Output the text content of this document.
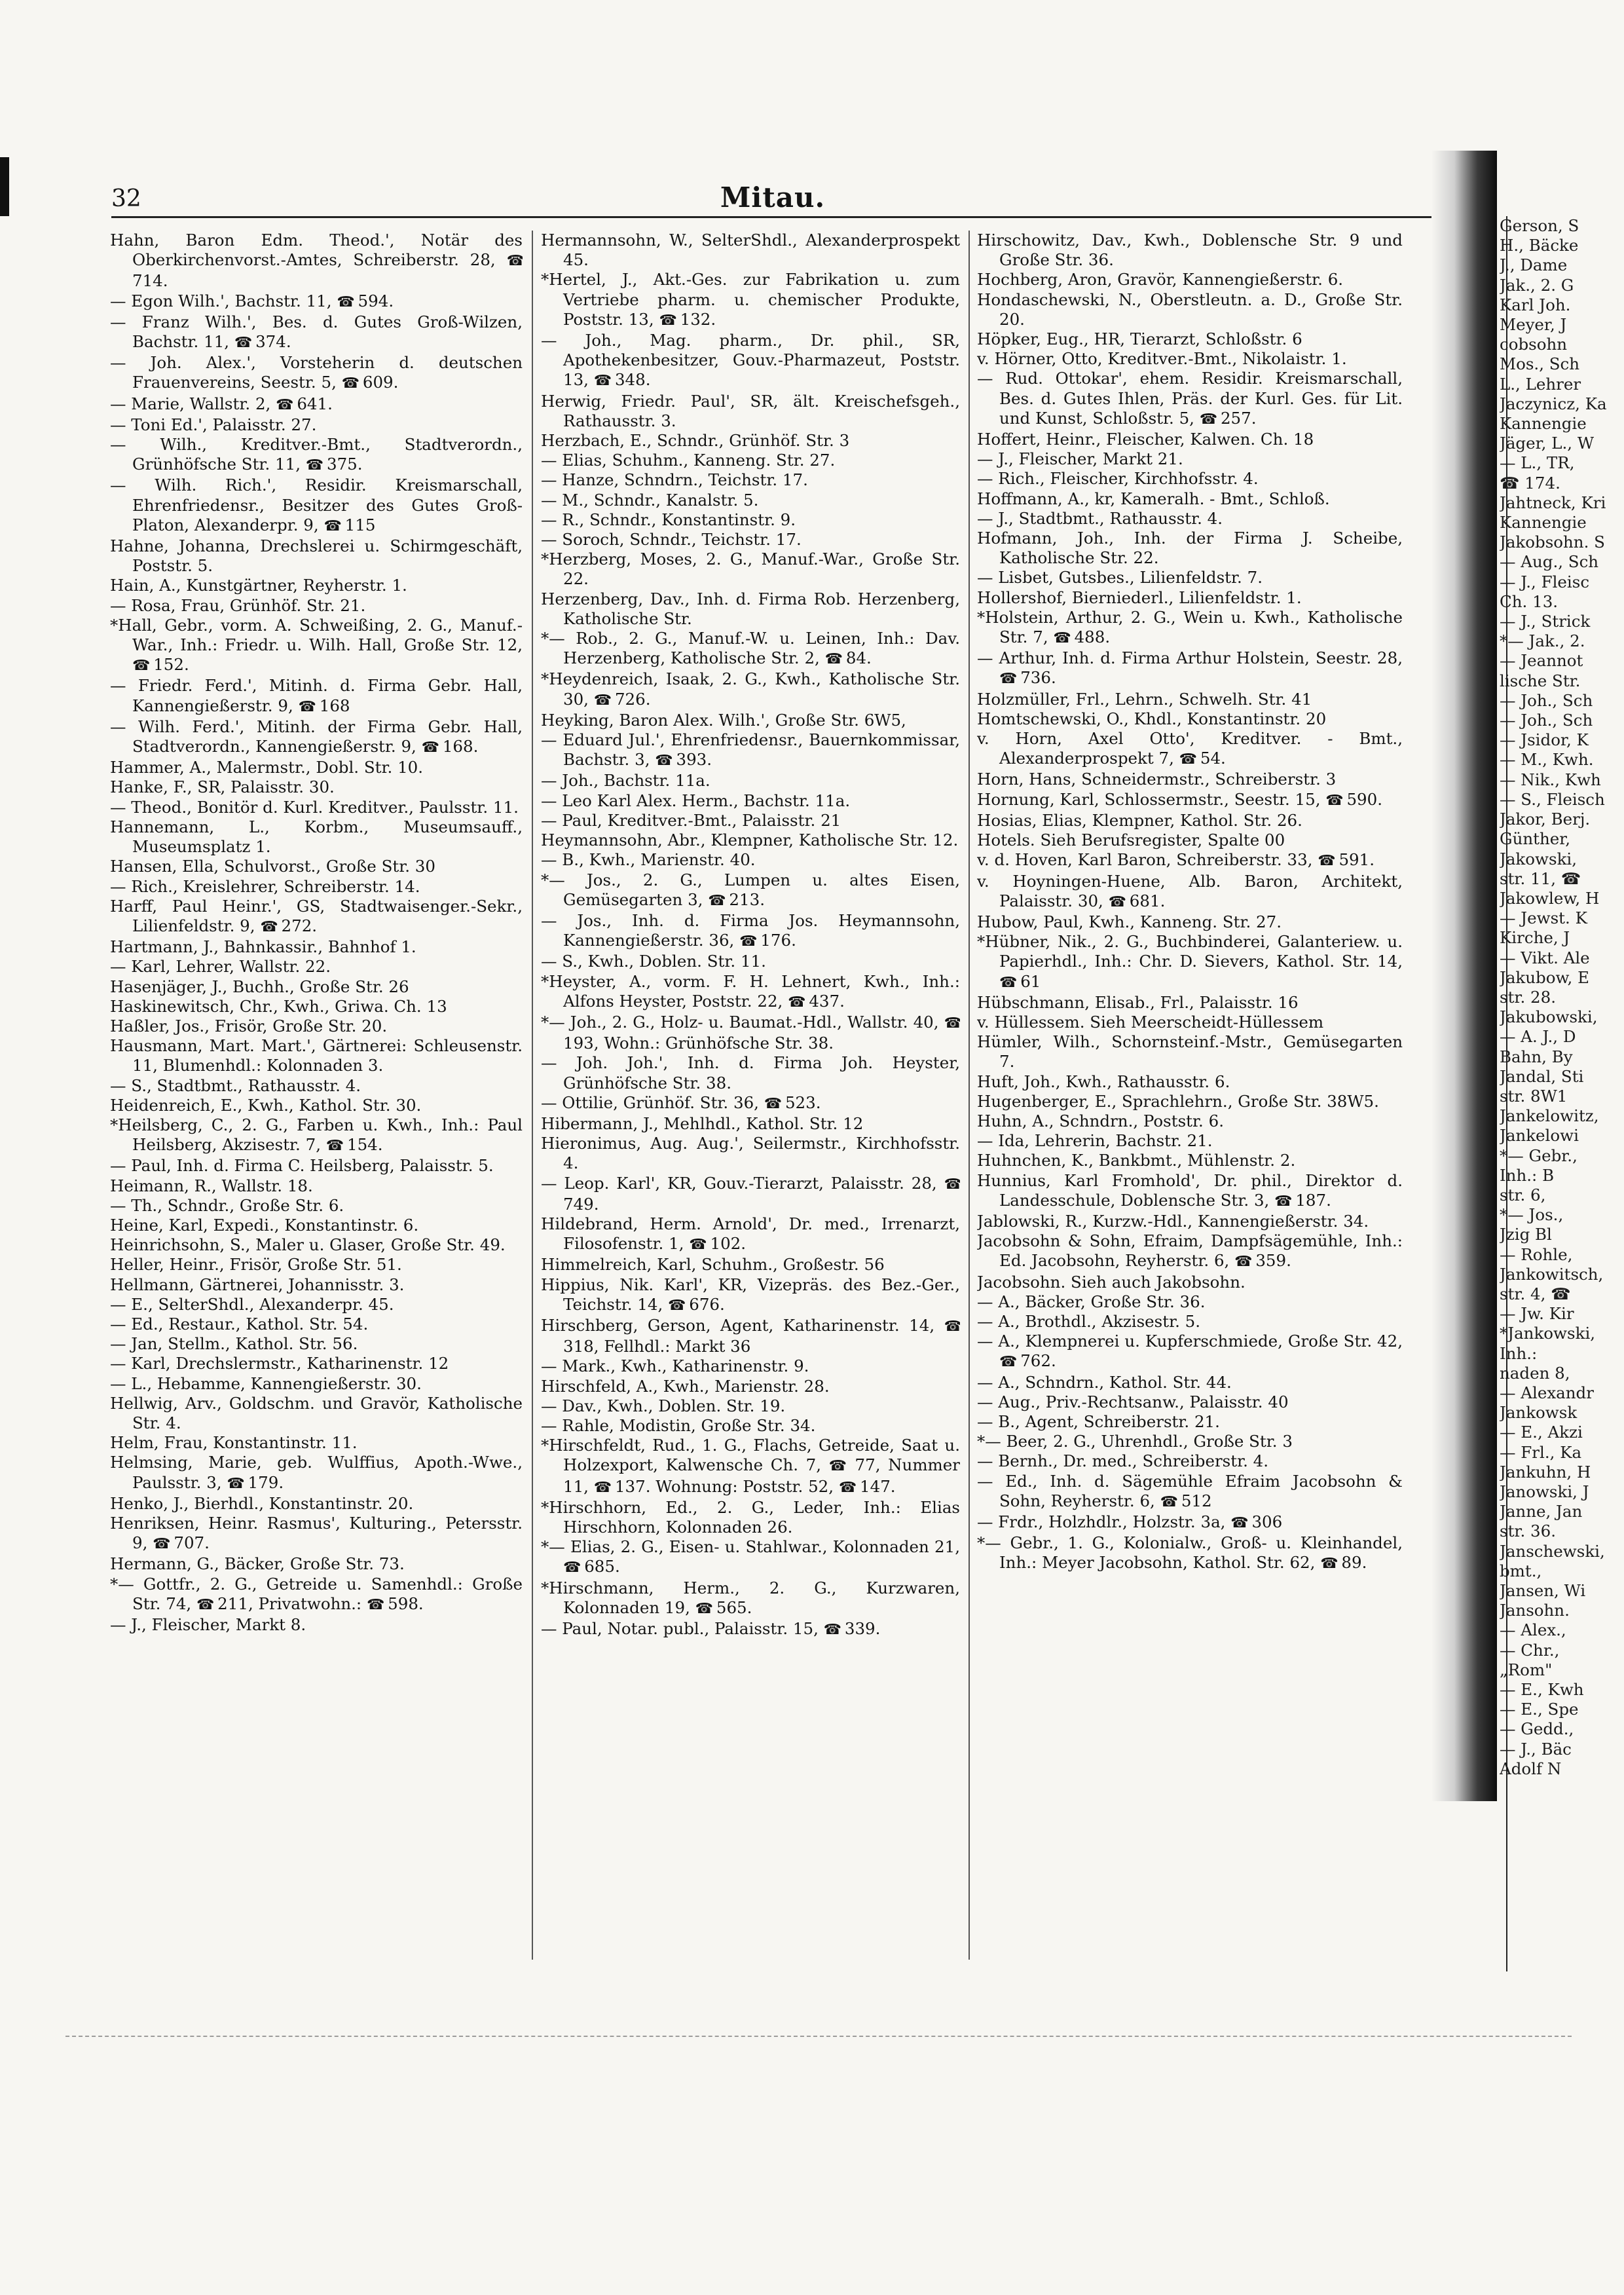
32	Mitau.

Hahn, Baron Edm. Theod.', Notär des Oberkirchenvorst.-Amtes, Schreiberstr. 28, ☎ 714.

— Egon Wilh.', Bachstr. 11, ☎ 594.

— Franz Wilh.', Bes. d. Gutes Groß-Wilzen, Bachstr. 11, ☎ 374.

— Joh. Alex.', Vorsteherin d. deutschen Frauenvereins, Seestr. 5, ☎ 609.

— Marie, Wallstr. 2, ☎ 641.

— Toni Ed.', Palaisstr. 27.

— Wilh., Kreditver.-Bmt., Stadtverordn., Grünhöfsche Str. 11, ☎ 375.

— Wilh. Rich.', Residir. Kreismarschall, Ehrenfriedensr., Besitzer des Gutes Groß-Platon, Alexanderpr. 9, ☎ 115

Hahne, Johanna, Drechslerei u. Schirmgeschäft, Poststr. 5.

Hain, A., Kunstgärtner, Reyherstr. 1.

— Rosa, Frau, Grünhöf. Str. 21.

*Hall, Gebr., vorm. A. Schweißing, 2. G., Manuf.-War., Inh.: Friedr. u. Wilh. Hall, Große Str. 12, ☎ 152.

— Friedr. Ferd.', Mitinh. d. Firma Gebr. Hall, Kannengießerstr. 9, ☎ 168

— Wilh. Ferd.', Mitinh. der Firma Gebr. Hall, Stadtverordn., Kannengießerstr. 9, ☎ 168.

Hammer, A., Malermstr., Dobl. Str. 10.

Hanke, F., SR, Palaisstr. 30.

— Theod., Bonitör d. Kurl. Kreditver., Paulsstr. 11.

Hannemann, L., Korbm., Museumsauff., Museumsplatz 1.

Hansen, Ella, Schulvorst., Große Str. 30

— Rich., Kreislehrer, Schreiberstr. 14.

Harff, Paul Heinr.', GS, Stadtwaisenger.-Sekr., Lilienfeldstr. 9, ☎ 272.

Hartmann, J., Bahnkassir., Bahnhof 1.

— Karl, Lehrer, Wallstr. 22.

Hasenjäger, J., Buchh., Große Str. 26

Haskinewitsch, Chr., Kwh., Griwa. Ch. 13

Haßler, Jos., Frisör, Große Str. 20.

Hausmann, Mart. Mart.', Gärtnerei: Schleusenstr. 11, Blumenhdl.: Kolonnaden 3.

— S., Stadtbmt., Rathausstr. 4.

Heidenreich, E., Kwh., Kathol. Str. 30.

*Heilsberg, C., 2. G., Farben u. Kwh., Inh.: Paul Heilsberg, Akzisestr. 7, ☎ 154.

— Paul, Inh. d. Firma C. Heilsberg, Palaisstr. 5.

Heimann, R., Wallstr. 18.

— Th., Schndr., Große Str. 6.

Heine, Karl, Expedi., Konstantinstr. 6.

Heinrichsohn, S., Maler u. Glaser, Große Str. 49.

Heller, Heinr., Frisör, Große Str. 51.

Hellmann, Gärtnerei, Johannisstr. 3.

— E., SelterShdl., Alexanderpr. 45.

— Ed., Restaur., Kathol. Str. 54.

— Jan, Stellm., Kathol. Str. 56.

— Karl, Drechslermstr., Katharinenstr. 12

— L., Hebamme, Kannengießerstr. 30.

Hellwig, Arv., Goldschm. und Gravör, Katholische Str. 4.

Helm, Frau, Konstantinstr. 11.

Helmsing, Marie, geb. Wulffius, Apoth.-Wwe., Paulsstr. 3, ☎ 179.

Henko, J., Bierhdl., Konstantinstr. 20.

Henriksen, Heinr. Rasmus', Kulturing., Petersstr. 9, ☎ 707.

Hermann, G., Bäcker, Große Str. 73.

*— Gottfr., 2. G., Getreide u. Samenhdl.: Große Str. 74, ☎ 211, Privatwohn.: ☎ 598.

— J., Fleischer, Markt 8.

Hermannsohn, W., SelterShdl., Alexanderprospekt 45.

*Hertel, J., Akt.-Ges. zur Fabrikation u. zum Vertriebe pharm. u. chemischer Produkte, Poststr. 13, ☎ 132.

— Joh., Mag. pharm., Dr. phil., SR, Apothekenbesitzer, Gouv.-Pharmazeut, Poststr. 13, ☎ 348.

Herwig, Friedr. Paul', SR, ält. Kreischefsgeh., Rathausstr. 3.

Herzbach, E., Schndr., Grünhöf. Str. 3

— Elias, Schuhm., Kanneng. Str. 27.

— Hanze, Schndrn., Teichstr. 17.

— M., Schndr., Kanalstr. 5.

— R., Schndr., Konstantinstr. 9.

— Soroch, Schndr., Teichstr. 17.

*Herzberg, Moses, 2. G., Manuf.-War., Große Str. 22.

Herzenberg, Dav., Inh. d. Firma Rob. Herzenberg, Katholische Str.

*— Rob., 2. G., Manuf.-W. u. Leinen, Inh.: Dav. Herzenberg, Katholische Str. 2, ☎ 84.

*Heydenreich, Isaak, 2. G., Kwh., Katholische Str. 30, ☎ 726.

Heyking, Baron Alex. Wilh.', Große Str. 6W5,

— Eduard Jul.', Ehrenfriedensr., Bauernkommissar, Bachstr. 3, ☎ 393.

— Joh., Bachstr. 11a.

— Leo Karl Alex. Herm., Bachstr. 11a.

— Paul, Kreditver.-Bmt., Palaisstr. 21

Heymannsohn, Abr., Klempner, Katholische Str. 12.

— B., Kwh., Marienstr. 40.

*— Jos., 2. G., Lumpen u. altes Eisen, Gemüsegarten 3, ☎ 213.

— Jos., Inh. d. Firma Jos. Heymannsohn, Kannengießerstr. 36, ☎ 176.

— S., Kwh., Doblen. Str. 11.

*Heyster, A., vorm. F. H. Lehnert, Kwh., Inh.: Alfons Heyster, Poststr. 22, ☎ 437.

*— Joh., 2. G., Holz- u. Baumat.-Hdl., Wallstr. 40, ☎ 193, Wohn.: Grünhöfsche Str. 38.

— Joh. Joh.', Inh. d. Firma Joh. Heyster, Grünhöfsche Str. 38.

— Ottilie, Grünhöf. Str. 36, ☎ 523.

Hibermann, J., Mehlhdl., Kathol. Str. 12

Hieronimus, Aug. Aug.', Seilermstr., Kirchhofsstr. 4.

— Leop. Karl', KR, Gouv.-Tierarzt, Palaisstr. 28, ☎ 749.

Hildebrand, Herm. Arnold', Dr. med., Irrenarzt, Filosofenstr. 1, ☎ 102.

Himmelreich, Karl, Schuhm., Großestr. 56

Hippius, Nik. Karl', KR, Vizepräs. des Bez.-Ger., Teichstr. 14, ☎ 676.

Hirschberg, Gerson, Agent, Katharinenstr. 14, ☎ 318, Fellhdl.: Markt 36

— Mark., Kwh., Katharinenstr. 9.

Hirschfeld, A., Kwh., Marienstr. 28.

— Dav., Kwh., Doblen. Str. 19.

— Rahle, Modistin, Große Str. 34.

*Hirschfeldt, Rud., 1. G., Flachs, Getreide, Saat u. Holzexport, Kalwensche Ch. 7, ☎ 77, Nummer 11, ☎ 137. Wohnung: Poststr. 52, ☎ 147.

*Hirschhorn, Ed., 2. G., Leder, Inh.: Elias Hirschhorn, Kolonnaden 26.

*— Elias, 2. G., Eisen- u. Stahlwar., Kolonnaden 21, ☎ 685.

*Hirschmann, Herm., 2. G., Kurzwaren, Kolonnaden 19, ☎ 565.

— Paul, Notar. publ., Palaisstr. 15, ☎ 339.

Hirschowitz, Dav., Kwh., Doblensche Str. 9 und Große Str. 36.

Hochberg, Aron, Gravör, Kannengießerstr. 6.

Hondaschewski, N., Oberstleutn. a. D., Große Str. 20.

Höpker, Eug., HR, Tierarzt, Schloßstr. 6

v. Hörner, Otto, Kreditver.-Bmt., Nikolaistr. 1.

— Rud. Ottokar', ehem. Residir. Kreismarschall, Bes. d. Gutes Ihlen, Präs. der Kurl. Ges. für Lit. und Kunst, Schloßstr. 5, ☎ 257.

Hoffert, Heinr., Fleischer, Kalwen. Ch. 18

— J., Fleischer, Markt 21.

— Rich., Fleischer, Kirchhofsstr. 4.

Hoffmann, A., kr, Kameralh. - Bmt., Schloß.

— J., Stadtbmt., Rathausstr. 4.

Hofmann, Joh., Inh. der Firma J. Scheibe, Katholische Str. 22.

— Lisbet, Gutsbes., Lilienfeldstr. 7.

Hollershof, Bierniederl., Lilienfeldstr. 1.

*Holstein, Arthur, 2. G., Wein u. Kwh., Katholische Str. 7, ☎ 488.

— Arthur, Inh. d. Firma Arthur Holstein, Seestr. 28, ☎ 736.

Holzmüller, Frl., Lehrn., Schwelh. Str. 41

Homtschewski, O., Khdl., Konstantinstr. 20

v. Horn, Axel Otto', Kreditver. - Bmt., Alexanderprospekt 7, ☎ 54.

Horn, Hans, Schneidermstr., Schreiberstr. 3

Hornung, Karl, Schlossermstr., Seestr. 15, ☎ 590.

Hosias, Elias, Klempner, Kathol. Str. 26.

Hotels. Sieh Berufsregister, Spalte 00

v. d. Hoven, Karl Baron, Schreiberstr. 33, ☎ 591.

v. Hoyningen-Huene, Alb. Baron, Architekt, Palaisstr. 30, ☎ 681.

Hubow, Paul, Kwh., Kanneng. Str. 27.

*Hübner, Nik., 2. G., Buchbinderei, Galanteriew. u. Papierhdl., Inh.: Chr. D. Sievers, Kathol. Str. 14, ☎ 61

Hübschmann, Elisab., Frl., Palaisstr. 16

v. Hüllessem. Sieh Meerscheidt-Hüllessem

Hümler, Wilh., Schornsteinf.-Mstr., Gemüsegarten 7.

Huft, Joh., Kwh., Rathausstr. 6.

Hugenberger, E., Sprachlehrn., Große Str. 38W5.

Huhn, A., Schndrn., Poststr. 6.

— Ida, Lehrerin, Bachstr. 21.

Huhnchen, K., Bankbmt., Mühlenstr. 2.

Hunnius, Karl Fromhold', Dr. phil., Direktor d. Landesschule, Doblensche Str. 3, ☎ 187.

Jablowski, R., Kurzw.-Hdl., Kannengießerstr. 34.

Jacobsohn & Sohn, Efraim, Dampfsägemühle, Inh.: Ed. Jacobsohn, Reyherstr. 6, ☎ 359.

Jacobsohn. Sieh auch Jakobsohn.

— A., Bäcker, Große Str. 36.

— A., Brothdl., Akzisestr. 5.

— A., Klempnerei u. Kupferschmiede, Große Str. 42, ☎ 762.

— A., Schndrn., Kathol. Str. 44.

— Aug., Priv.-Rechtsanw., Palaisstr. 40

— B., Agent, Schreiberstr. 21.

*— Beer, 2. G., Uhrenhdl., Große Str. 3

— Bernh., Dr. med., Schreiberstr. 4.

— Ed., Inh. d. Sägemühle Efraim Jacobsohn & Sohn, Reyherstr. 6, ☎ 512

— Frdr., Holzhdlr., Holzstr. 3a, ☎ 306

*— Gebr., 1. G., Kolonialw., Groß- u. Kleinhandel, Inh.: Meyer Jacobsohn, Kathol. Str. 62, ☎ 89.

Gerson, S
H., Bäcke
J., Dame
Jak., 2. G
Karl Joh.
Meyer, J
cobsohn
Mos., Sch
L., Lehrer
Jaczynicz, Ka
Kannengie
Jäger, L., W
— L., TR,
☎ 174.
Jahtneck, Kri
Kannengie
Jakobsohn. S
— Aug., Sch
— J., Fleisc
Ch. 13.
— J., Strick
*— Jak., 2.
— Jeannot
lische Str.
— Joh., Sch
— Joh., Sch
— Jsidor, K
— M., Kwh.
— Nik., Kwh
— S., Fleisch
Jakor, Berj.
Günther,
Jakowski,
str. 11, ☎
Jakowlew, H
— Jewst. K
Kirche, J
— Vikt. Ale
Jakubow, E
str. 28.
Jakubowski,
— A. J., D
Bahn, By
Jandal, Sti
str. 8W1
Jankelowitz,
Jankelowi
*— Gebr.,
Inh.: B
str. 6,
*— Jos.,
Jzig Bl
— Rohle,
Jankowitsch,
str. 4, ☎
— Jw. Kir
*Jankowski,
Inh.:
naden 8,
— Alexandr
Jankowsk
— E., Akzi
— Frl., Ka
Jankuhn, H
Janowski, J
Janne, Jan
str. 36.
Janschewski,
bmt.,
Jansen, Wi
Jansohn.
— Alex.,
— Chr.,
„Rom"
— E., Kwh
— E., Spe
— Gedd.,
— J., Bäc
Adolf N
